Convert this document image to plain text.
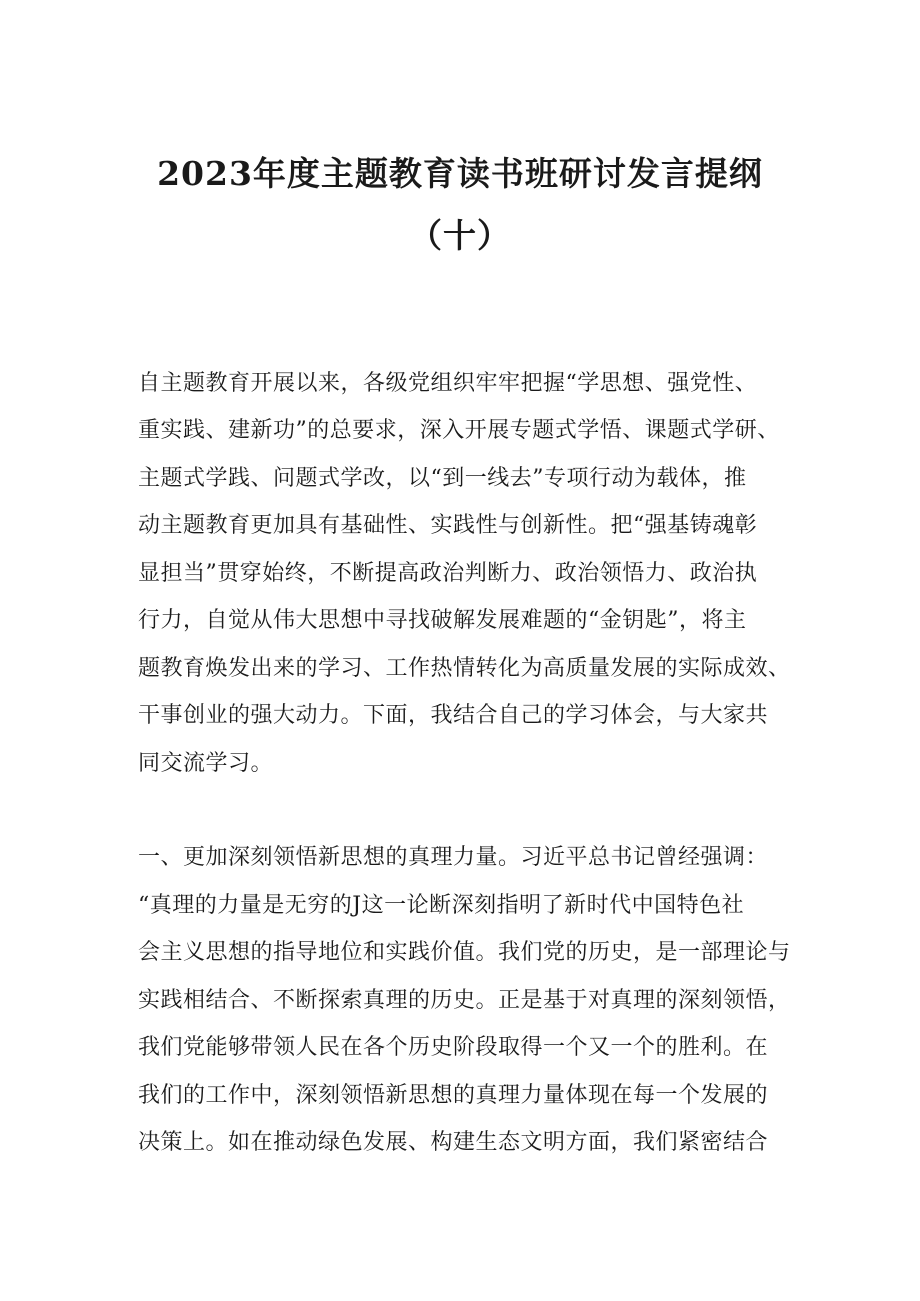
2023年度主题教育读书班研讨发言提纲
（十）
自主题教育开展以来，各级党组织牢牢把握“学思想、强党性、
重实践、建新功”的总要求，深入开展专题式学悟、课题式学研、
主题式学践、问题式学改，以“到一线去”专项行动为载体，推
动主题教育更加具有基础性、实践性与创新性。把“强基铸魂彰
显担当”贯穿始终，不断提高政治判断力、政治领悟力、政治执
行力，自觉从伟大思想中寻找破解发展难题的“金钥匙”，将主
题教育焕发出来的学习、工作热情转化为高质量发展的实际成效、
干事创业的强大动力。下面，我结合自己的学习体会，与大家共
同交流学习。
一、更加深刻领悟新思想的真理力量。习近平总书记曾经强调：
“真理的力量是无穷的J这一论断深刻指明了新时代中国特色社
会主义思想的指导地位和实践价值。我们党的历史，是一部理论与
实践相结合、不断探索真理的历史。正是基于对真理的深刻领悟，
我们党能够带领人民在各个历史阶段取得一个又一个的胜利。在
我们的工作中，深刻领悟新思想的真理力量体现在每一个发展的
决策上。如在推动绿色发展、构建生态文明方面，我们紧密结合
